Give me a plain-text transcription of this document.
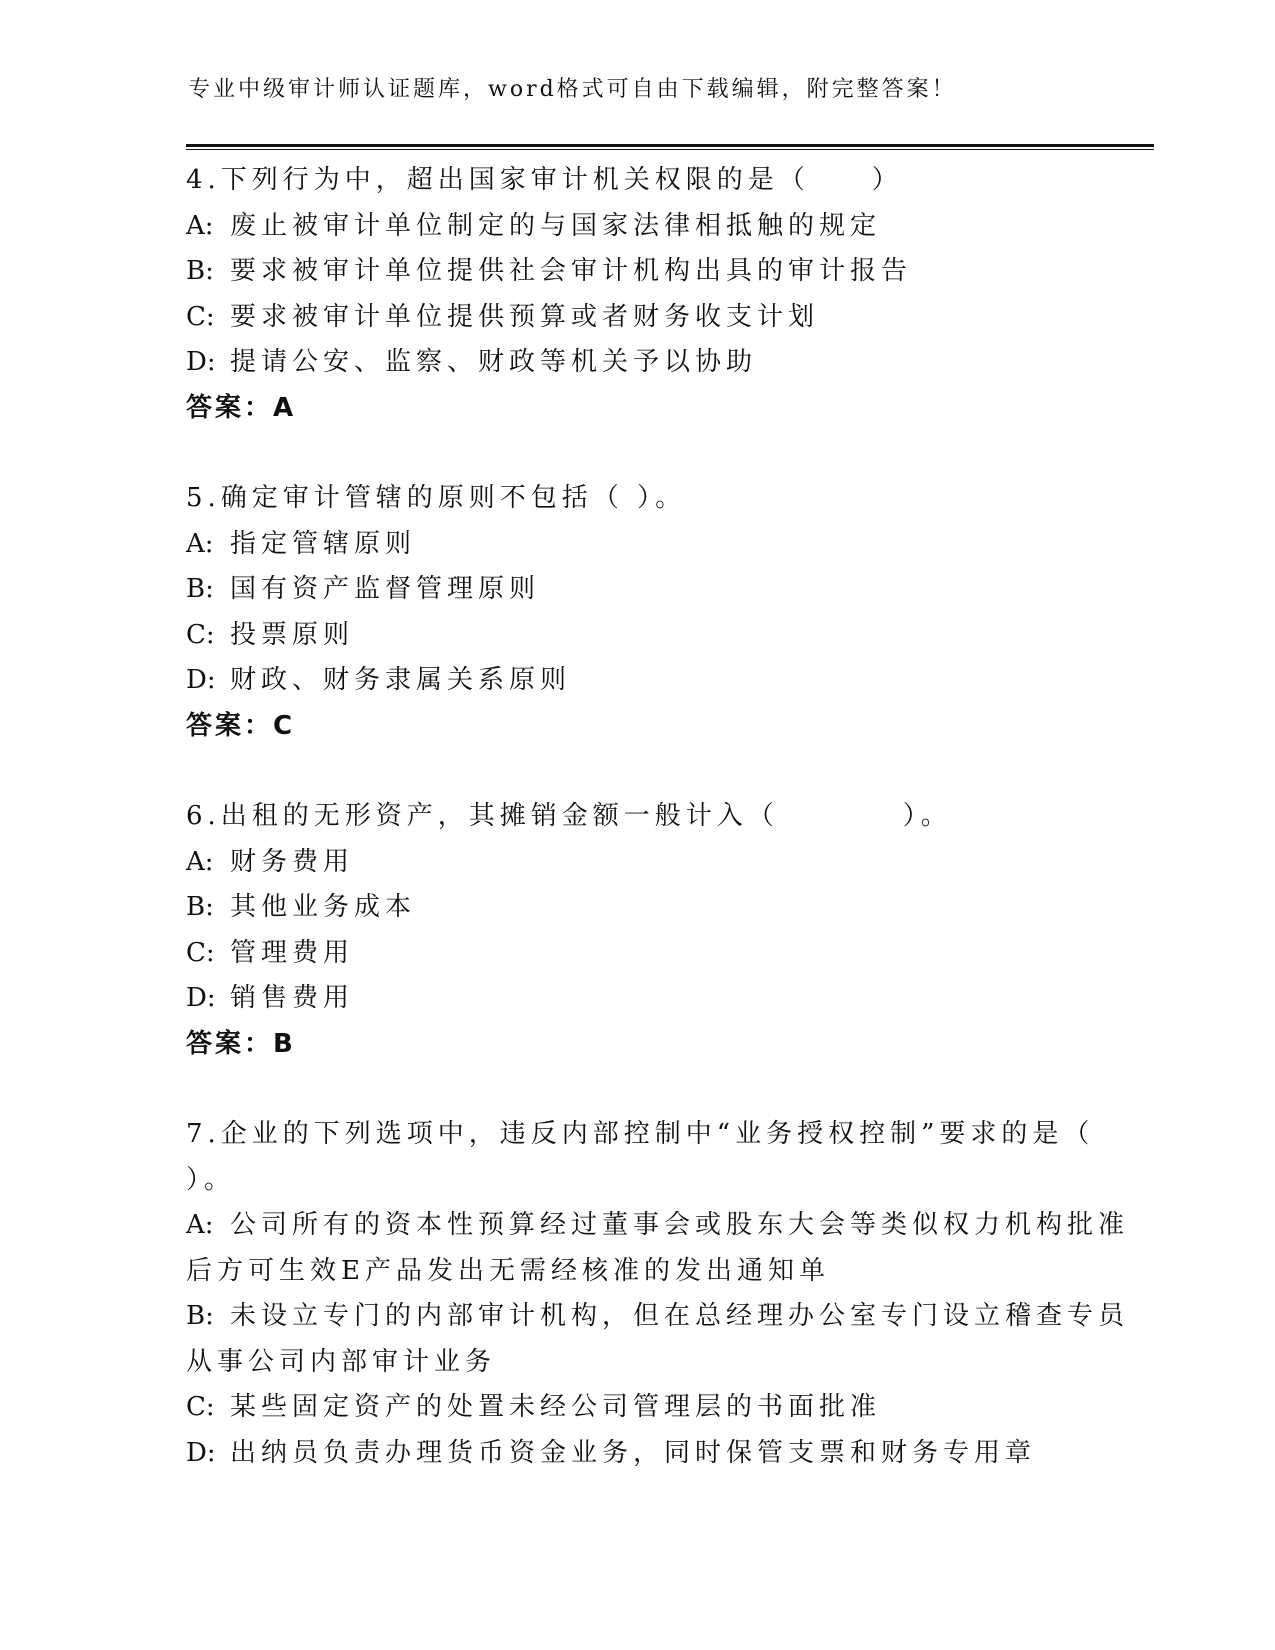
专业中级审计师认证题库，word格式可自由下载编辑，附完整答案！
4.下列行为中，超出国家审计机关权限的是（　　）
A: 废止被审计单位制定的与国家法律相抵触的规定
B: 要求被审计单位提供社会审计机构出具的审计报告
C: 要求被审计单位提供预算或者财务收支计划
D: 提请公安、监察、财政等机关予以协助
答案：A
5.确定审计管辖的原则不包括（ ）。
A: 指定管辖原则
B: 国有资产监督管理原则
C: 投票原则
D: 财政、财务隶属关系原则
答案：C
6.出租的无形资产，其摊销金额一般计入（　　　　）。
A: 财务费用
B: 其他业务成本
C: 管理费用
D: 销售费用
答案：B
7.企业的下列选项中，违反内部控制中“业务授权控制”要求的是（
）。
A: 公司所有的资本性预算经过董事会或股东大会等类似权力机构批准
后方可生效E产品发出无需经核准的发出通知单
B: 未设立专门的内部审计机构，但在总经理办公室专门设立稽查专员
从事公司内部审计业务
C: 某些固定资产的处置未经公司管理层的书面批准
D: 出纳员负责办理货币资金业务，同时保管支票和财务专用章
